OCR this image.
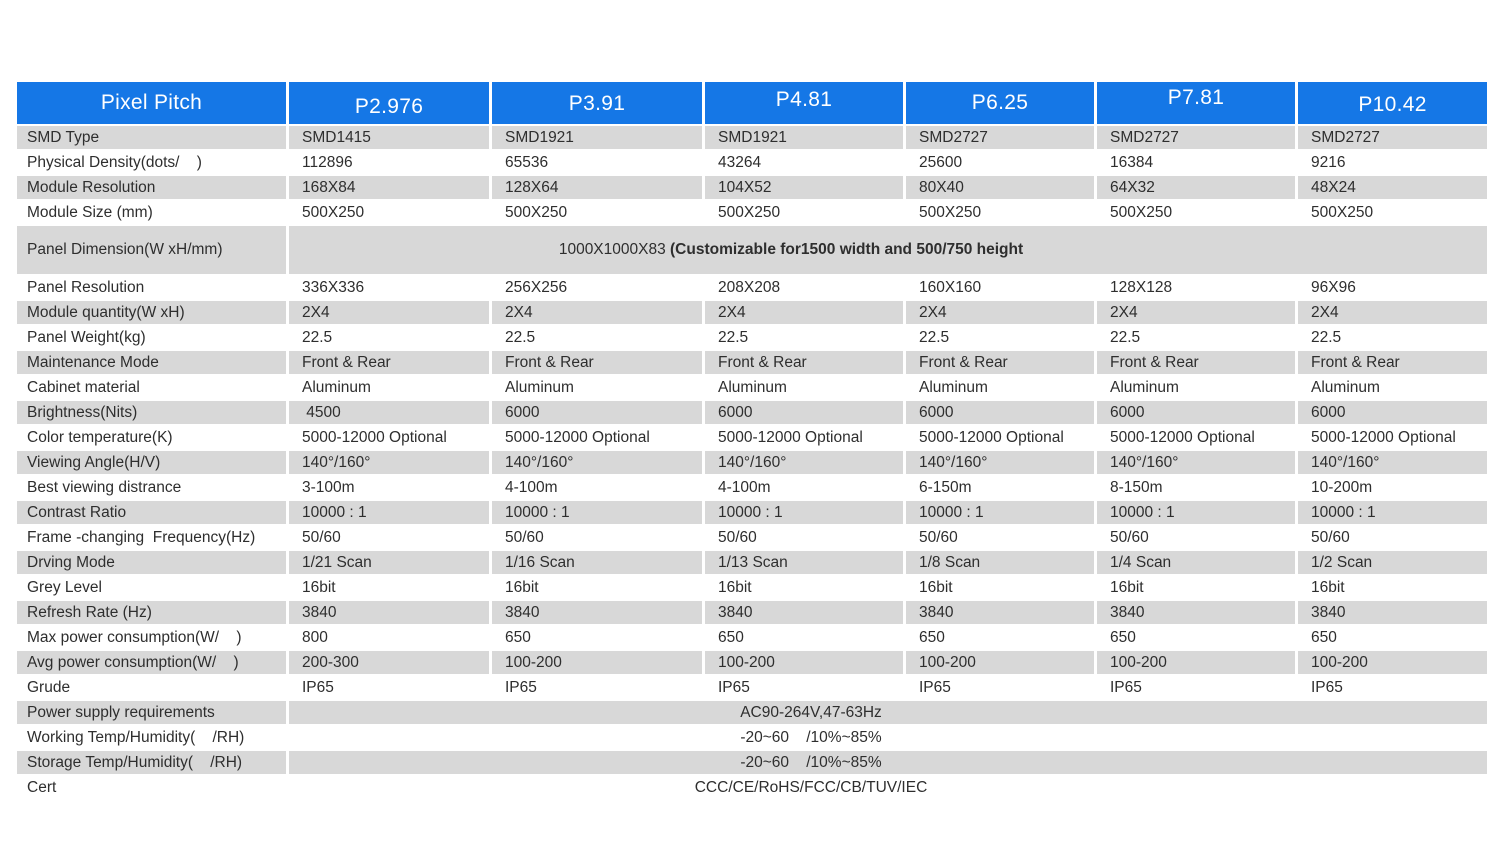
Pixel Pitch	P2.976	P3.91	P4.81	P6.25	P7.81	P10.42
SMD Type	SMD1415	SMD1921	SMD1921	SMD2727	SMD2727	SMD2727
Physical Density(dots/    )	112896	65536	43264	25600	16384	9216
Module Resolution	168X84	128X64	104X52	80X40	64X32	48X24
Module Size (mm)	500X250	500X250	500X250	500X250	500X250	500X250
Panel Dimension(W xH/mm)	1000X1000X83 (Customizable for1500 width and 500/750 height					
Panel Resolution	336X336	256X256	208X208	160X160	128X128	96X96
Module quantity(W xH)	2X4	2X4	2X4	2X4	2X4	2X4
Panel Weight(kg)	22.5	22.5	22.5	22.5	22.5	22.5
Maintenance Mode	Front & Rear	Front & Rear	Front & Rear	Front & Rear	Front & Rear	Front & Rear
Cabinet material	Aluminum	Aluminum	Aluminum	Aluminum	Aluminum	Aluminum
Brightness(Nits)	4500	6000	6000	6000	6000	6000
Color temperature(K)	5000-12000 Optional	5000-12000 Optional	5000-12000 Optional	5000-12000 Optional	5000-12000 Optional	5000-12000 Optional
Viewing Angle(H/V)	140°/160°	140°/160°	140°/160°	140°/160°	140°/160°	140°/160°
Best viewing distrance	3-100m	4-100m	4-100m	6-150m	8-150m	10-200m
Contrast Ratio	10000 : 1	10000 : 1	10000 : 1	10000 : 1	10000 : 1	10000 : 1
Frame -changing  Frequency(Hz)	50/60	50/60	50/60	50/60	50/60	50/60
Drving Mode	1/21 Scan	1/16 Scan	1/13 Scan	1/8 Scan	1/4 Scan	1/2 Scan
Grey Level	16bit	16bit	16bit	16bit	16bit	16bit
Refresh Rate (Hz)	3840	3840	3840	3840	3840	3840
Max power consumption(W/    )	800	650	650	650	650	650
Avg power consumption(W/    )	200-300	100-200	100-200	100-200	100-200	100-200
Grude	IP65	IP65	IP65	IP65	IP65	IP65
Power supply requirements	AC90-264V,47-63Hz					
Working Temp/Humidity(    /RH)	-20~60    /10%~85%					
Storage Temp/Humidity(    /RH)	-20~60    /10%~85%					
Cert	CCC/CE/RoHS/FCC/CB/TUV/IEC					
